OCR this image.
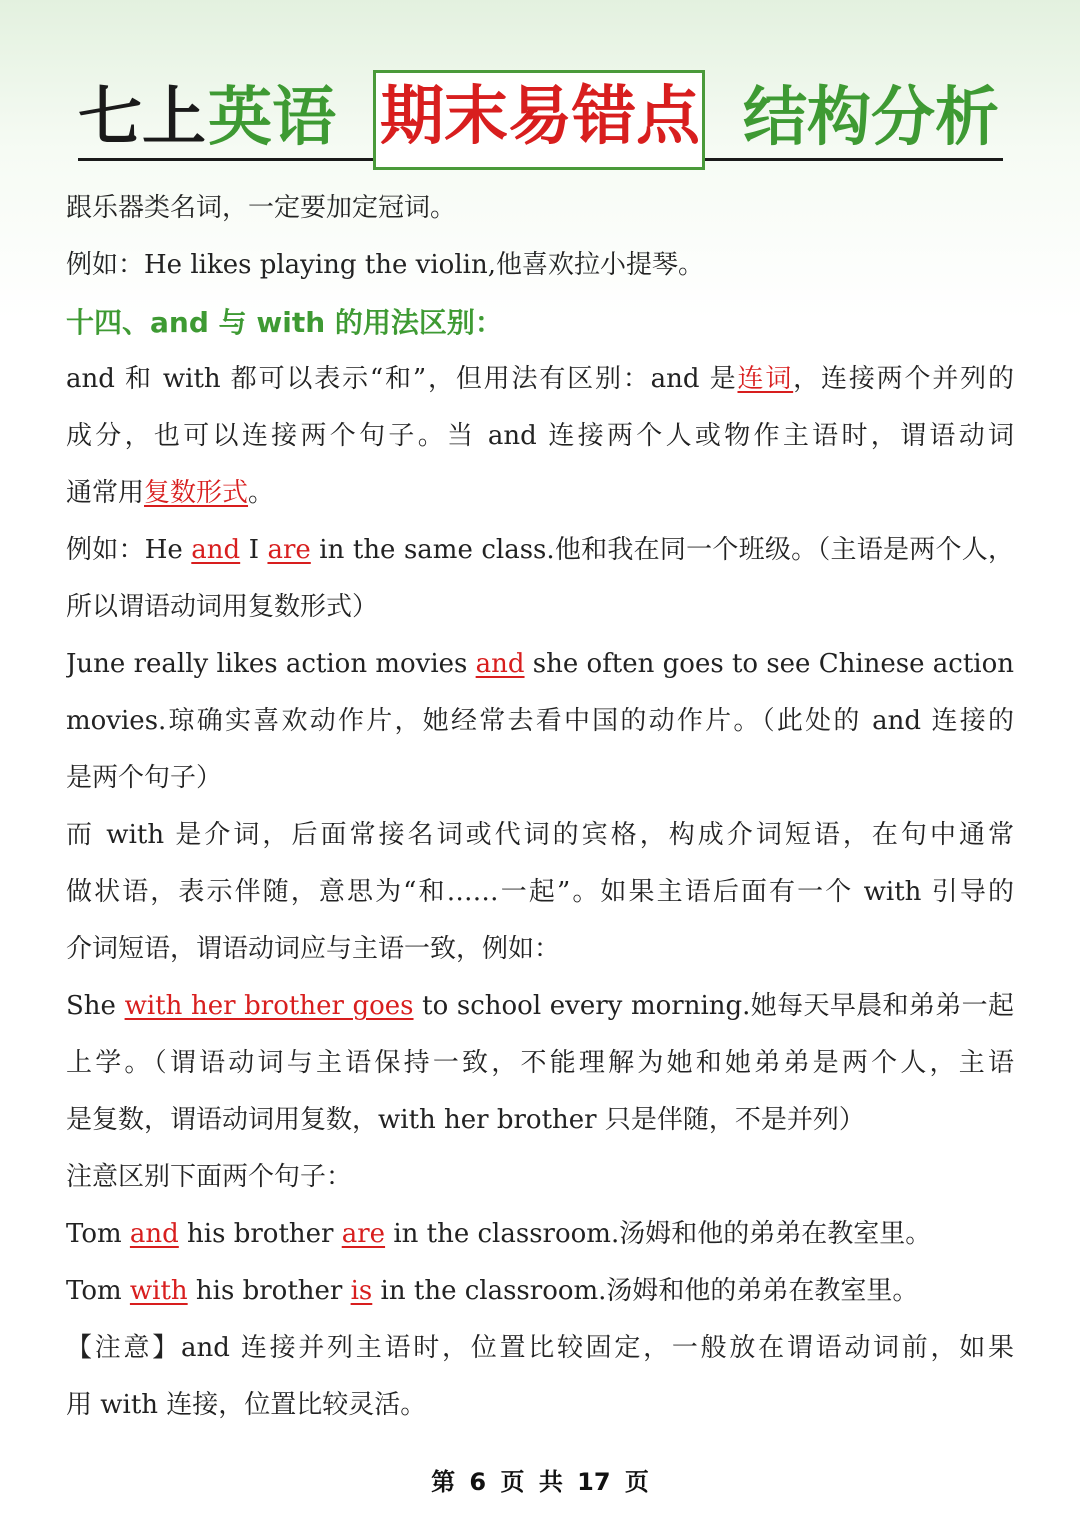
七上 英语 期末易错点 结构分析
跟乐器类名词，一定要加定冠词。
例如：He likes playing the violin,他喜欢拉小提琴。
十四、and 与 with 的用法区别：
and 和 with 都可以表示“和”，但用法有区别：and 是连词，连接两个并列的
成分，也可以连接两个句子。当 and 连接两个人或物作主语时，谓语动词
通常用复数形式。
例如：He and I are in the same class.他和我在同一个班级。（主语是两个人，
所以谓语动词用复数形式）
June really likes action movies and she often goes to see Chinese action
movies.琼确实喜欢动作片，她经常去看中国的动作片。（此处的 and 连接的
是两个句子）
而 with 是介词，后面常接名词或代词的宾格，构成介词短语，在句中通常
做状语，表示伴随，意思为“和……一起”。如果主语后面有一个 with 引导的
介词短语，谓语动词应与主语一致，例如：
She with her brother goes to school every morning.她每天早晨和弟弟一起
上学。（谓语动词与主语保持一致，不能理解为她和她弟弟是两个人，主语
是复数，谓语动词用复数，with her brother 只是伴随，不是并列）
注意区别下面两个句子：
Tom and his brother are in the classroom.汤姆和他的弟弟在教室里。
Tom with his brother is in the classroom.汤姆和他的弟弟在教室里。
【注意】and 连接并列主语时，位置比较固定，一般放在谓语动词前，如果
用 with 连接，位置比较灵活。
第 6 页 共 17 页
